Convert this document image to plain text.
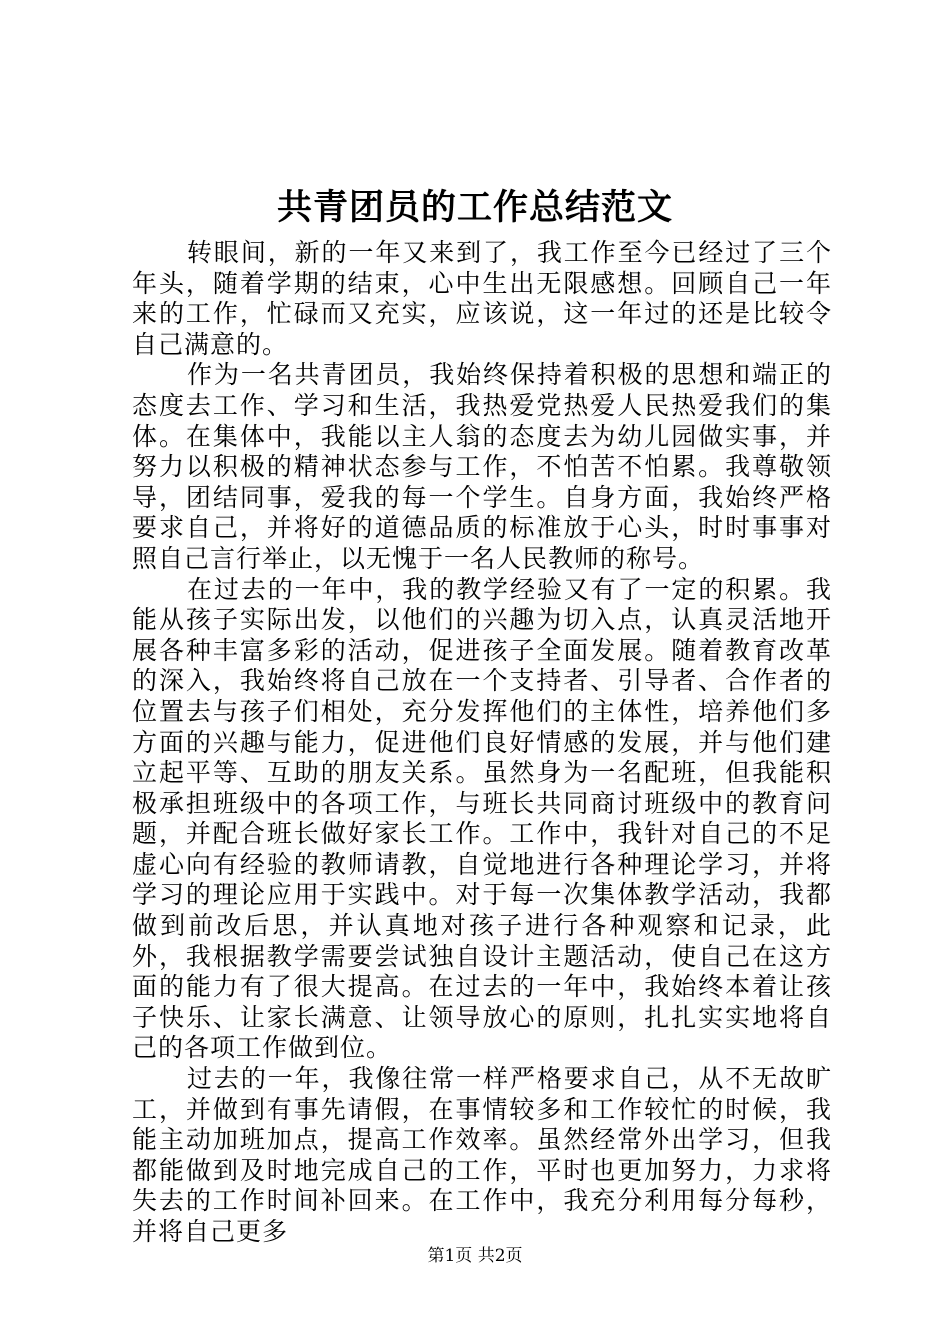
共青团员的工作总结范文

转眼间，新的一年又来到了，我工作至今已经过了三个年头，随着学期的结束，心中生出无限感想。回顾自己一年来的工作，忙碌而又充实，应该说，这一年过的还是比较令自己满意的。

作为一名共青团员，我始终保持着积极的思想和端正的态度去工作、学习和生活，我热爱党热爱人民热爱我们的集体。在集体中，我能以主人翁的态度去为幼儿园做实事，并努力以积极的精神状态参与工作，不怕苦不怕累。我尊敬领导，团结同事，爱我的每一个学生。自身方面，我始终严格要求自己，并将好的道德品质的标准放于心头，时时事事对照自己言行举止，以无愧于一名人民教师的称号。

在过去的一年中，我的教学经验又有了一定的积累。我能从孩子实际出发，以他们的兴趣为切入点，认真灵活地开展各种丰富多彩的活动，促进孩子全面发展。随着教育改革的深入，我始终将自己放在一个支持者、引导者、合作者的位置去与孩子们相处，充分发挥他们的主体性，培养他们多方面的兴趣与能力，促进他们良好情感的发展，并与他们建立起平等、互助的朋友关系。虽然身为一名配班，但我能积极承担班级中的各项工作，与班长共同商讨班级中的教育问题，并配合班长做好家长工作。工作中，我针对自己的不足虚心向有经验的教师请教，自觉地进行各种理论学习，并将学习的理论应用于实践中。对于每一次集体教学活动，我都做到前改后思，并认真地对孩子进行各种观察和记录，此外，我根据教学需要尝试独自设计主题活动，使自己在这方面的能力有了很大提高。在过去的一年中，我始终本着让孩子快乐、让家长满意、让领导放心的原则，扎扎实实地将自己的各项工作做到位。

过去的一年，我像往常一样严格要求自己，从不无故旷工，并做到有事先请假，在事情较多和工作较忙的时候，我能主动加班加点，提高工作效率。虽然经常外出学习，但我都能做到及时地完成自己的工作，平时也更加努力，力求将失去的工作时间补回来。在工作中，我充分利用每分每秒，并将自己更多

第1页 共2页
